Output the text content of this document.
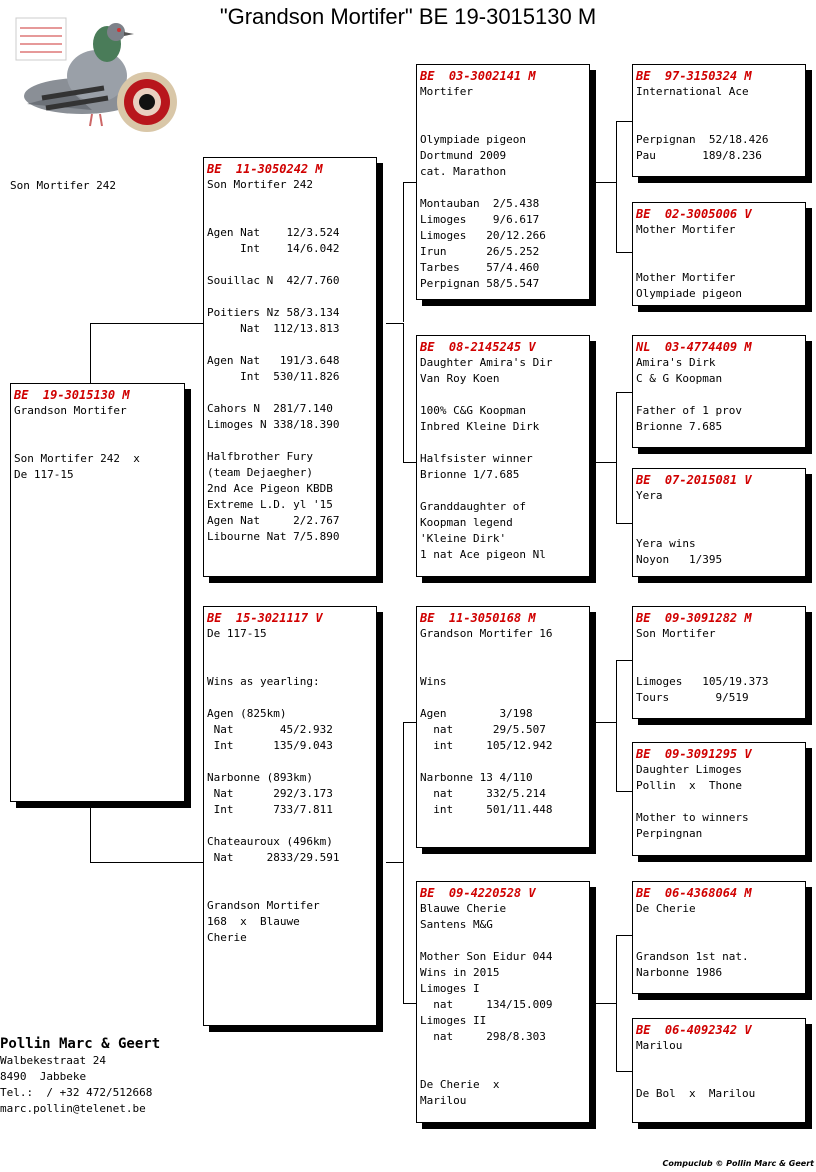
"Grandson Mortifer" BE 19-3015130 M
Son Mortifer 242
BE  19-3015130 M
Grandson Mortifer
Son Mortifer 242  x
De 117-15
BE  11-3050242 M
Son Mortifer 242
Agen Nat    12/3.524
Int    14/6.042
Souillac N  42/7.760
Poitiers Nz 58/3.134
Nat  112/13.813
Agen Nat   191/3.648
Int  530/11.826
Cahors N  281/7.140
Limoges N 338/18.390
Halfbrother Fury
(team Dejaegher)
2nd Ace Pigeon KBDB
Extreme L.D. yl '15
Agen Nat     2/2.767
Libourne Nat 7/5.890
BE  15-3021117 V
De 117-15
Wins as yearling:
Agen (825km)
Nat       45/2.932
Int      135/9.043
Narbonne (893km)
Nat      292/3.173
Int      733/7.811
Chateauroux (496km)
Nat     2833/29.591
Grandson Mortifer
168  x  Blauwe
Cherie
BE  03-3002141 M
Mortifer
Olympiade pigeon
Dortmund 2009
cat. Marathon
Montauban  2/5.438
Limoges    9/6.617
Limoges   20/12.266
Irun      26/5.252
Tarbes    57/4.460
Perpignan 58/5.547
BE  08-2145245 V
Daughter Amira's Dir
Van Roy Koen
100% C&G Koopman
Inbred Kleine Dirk
Halfsister winner
Brionne 1/7.685
Granddaughter of
Koopman legend
'Kleine Dirk'
1 nat Ace pigeon Nl
BE  11-3050168 M
Grandson Mortifer 16
Wins
Agen        3/198
nat      29/5.507
int     105/12.942
Narbonne 13 4/110
nat     332/5.214
int     501/11.448
BE  09-4220528 V
Blauwe Cherie
Santens M&G
Mother Son Eidur 044
Wins in 2015
Limoges I
nat     134/15.009
Limoges II
nat     298/8.303
De Cherie  x
Marilou
BE  97-3150324 M
International Ace
Perpignan  52/18.426
Pau       189/8.236
BE  02-3005006 V
Mother Mortifer
Mother Mortifer
Olympiade pigeon
NL  03-4774409 M
Amira's Dirk
C & G Koopman
Father of 1 prov
Brionne 7.685
BE  07-2015081 V
Yera
Yera wins
Noyon   1/395
BE  09-3091282 M
Son Mortifer
Limoges   105/19.373
Tours       9/519
BE  09-3091295 V
Daughter Limoges
Pollin  x  Thone
Mother to winners
Perpingnan
BE  06-4368064 M
De Cherie
Grandson 1st nat.
Narbonne 1986
BE  06-4092342 V
Marilou
De Bol  x  Marilou
Pollin Marc & Geert
Walbekestraat 24
8490  Jabbeke
Tel.:  / +32 472/512668
marc.pollin@telenet.be
Compuclub © Pollin Marc & Geert
